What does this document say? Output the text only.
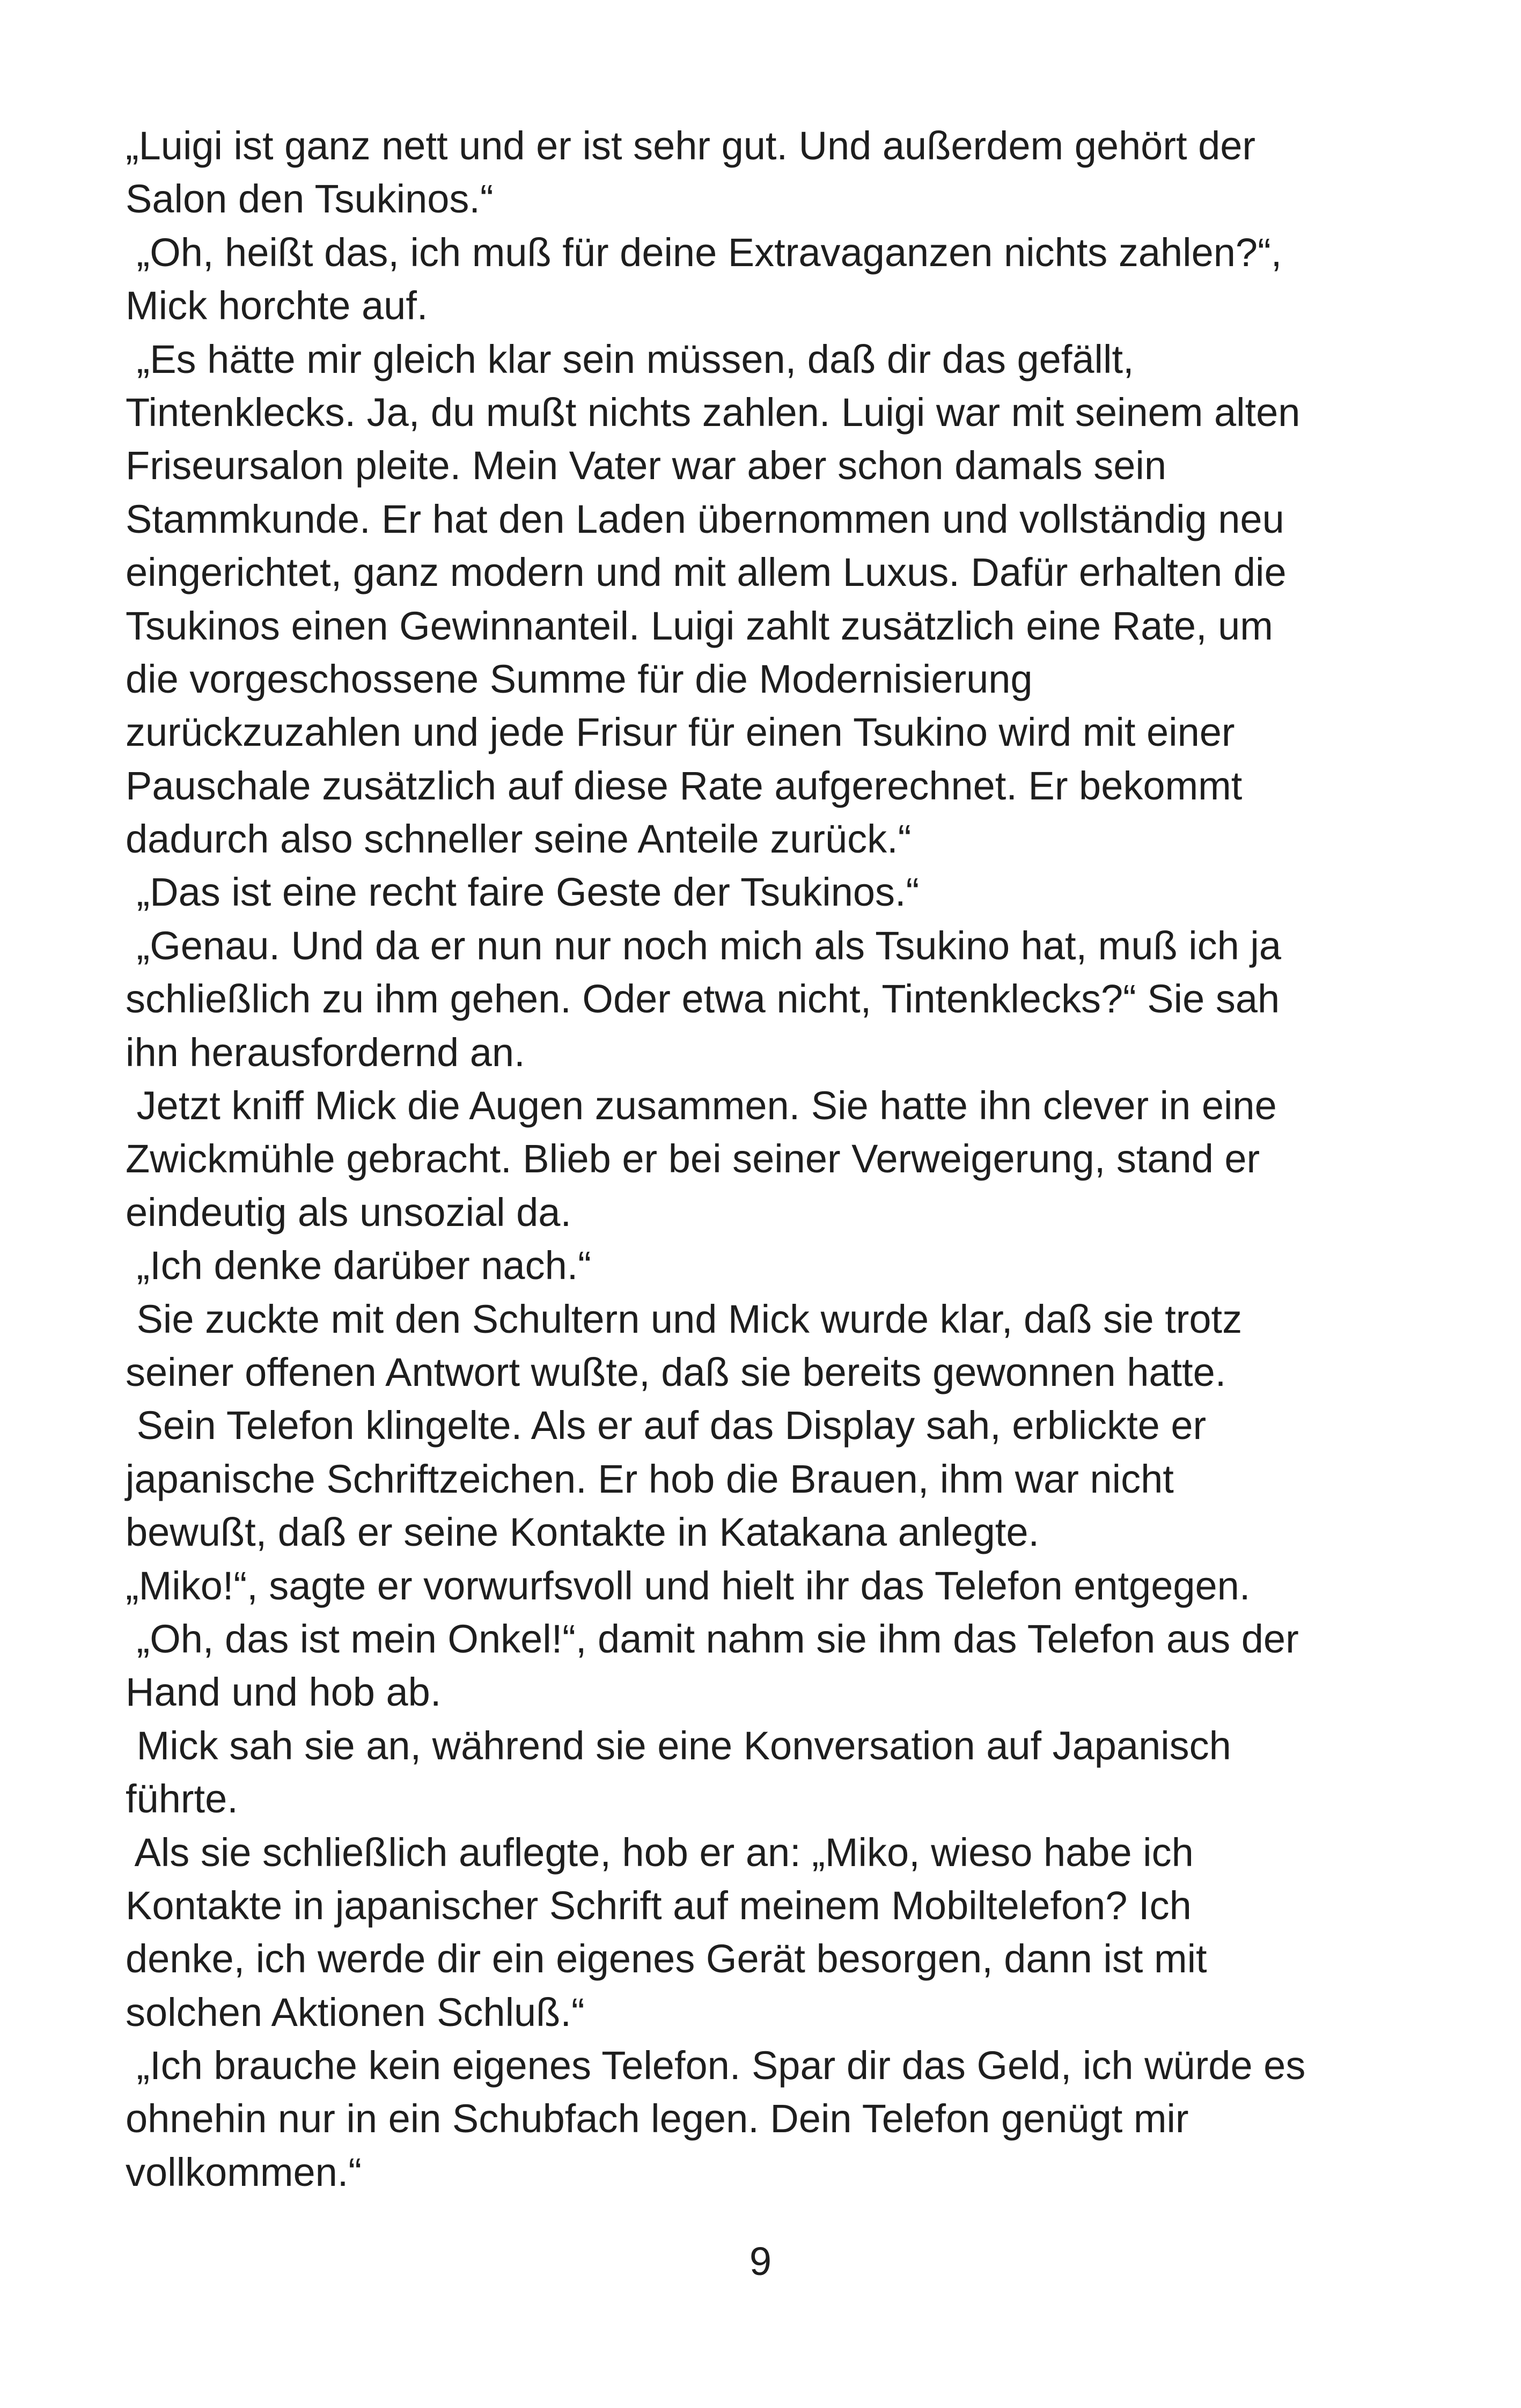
„Luigi ist ganz nett und er ist sehr gut. Und außerdem gehört der
Salon den Tsukinos.“
„Oh, heißt das, ich muß für deine Extravaganzen nichts zahlen?“,
Mick horchte auf.
„Es hätte mir gleich klar sein müssen, daß dir das gefällt,
Tintenklecks. Ja, du mußt nichts zahlen. Luigi war mit seinem alten
Friseursalon pleite. Mein Vater war aber schon damals sein
Stammkunde. Er hat den Laden übernommen und vollständig neu
eingerichtet, ganz modern und mit allem Luxus. Dafür erhalten die
Tsukinos einen Gewinnanteil. Luigi zahlt zusätzlich eine Rate, um
die vorgeschossene Summe für die Modernisierung
zurückzuzahlen und jede Frisur für einen Tsukino wird mit einer
Pauschale zusätzlich auf diese Rate aufgerechnet. Er bekommt
dadurch also schneller seine Anteile zurück.“
„Das ist eine recht faire Geste der Tsukinos.“
„Genau. Und da er nun nur noch mich als Tsukino hat, muß ich ja
schließlich zu ihm gehen. Oder etwa nicht, Tintenklecks?“ Sie sah
ihn herausfordernd an.
Jetzt kniff Mick die Augen zusammen. Sie hatte ihn clever in eine
Zwickmühle gebracht. Blieb er bei seiner Verweigerung, stand er
eindeutig als unsozial da.
„Ich denke darüber nach.“
Sie zuckte mit den Schultern und Mick wurde klar, daß sie trotz
seiner offenen Antwort wußte, daß sie bereits gewonnen hatte.
Sein Telefon klingelte. Als er auf das Display sah, erblickte er
japanische Schriftzeichen. Er hob die Brauen, ihm war nicht
bewußt, daß er seine Kontakte in Katakana anlegte.
„Miko!“, sagte er vorwurfsvoll und hielt ihr das Telefon entgegen.
„Oh, das ist mein Onkel!“, damit nahm sie ihm das Telefon aus der
Hand und hob ab.
Mick sah sie an, während sie eine Konversation auf Japanisch
führte.
Als sie schließlich auflegte, hob er an: „Miko, wieso habe ich
Kontakte in japanischer Schrift auf meinem Mobiltelefon? Ich
denke, ich werde dir ein eigenes Gerät besorgen, dann ist mit
solchen Aktionen Schluß.“
„Ich brauche kein eigenes Telefon. Spar dir das Geld, ich würde es
ohnehin nur in ein Schubfach legen. Dein Telefon genügt mir
vollkommen.“
9
